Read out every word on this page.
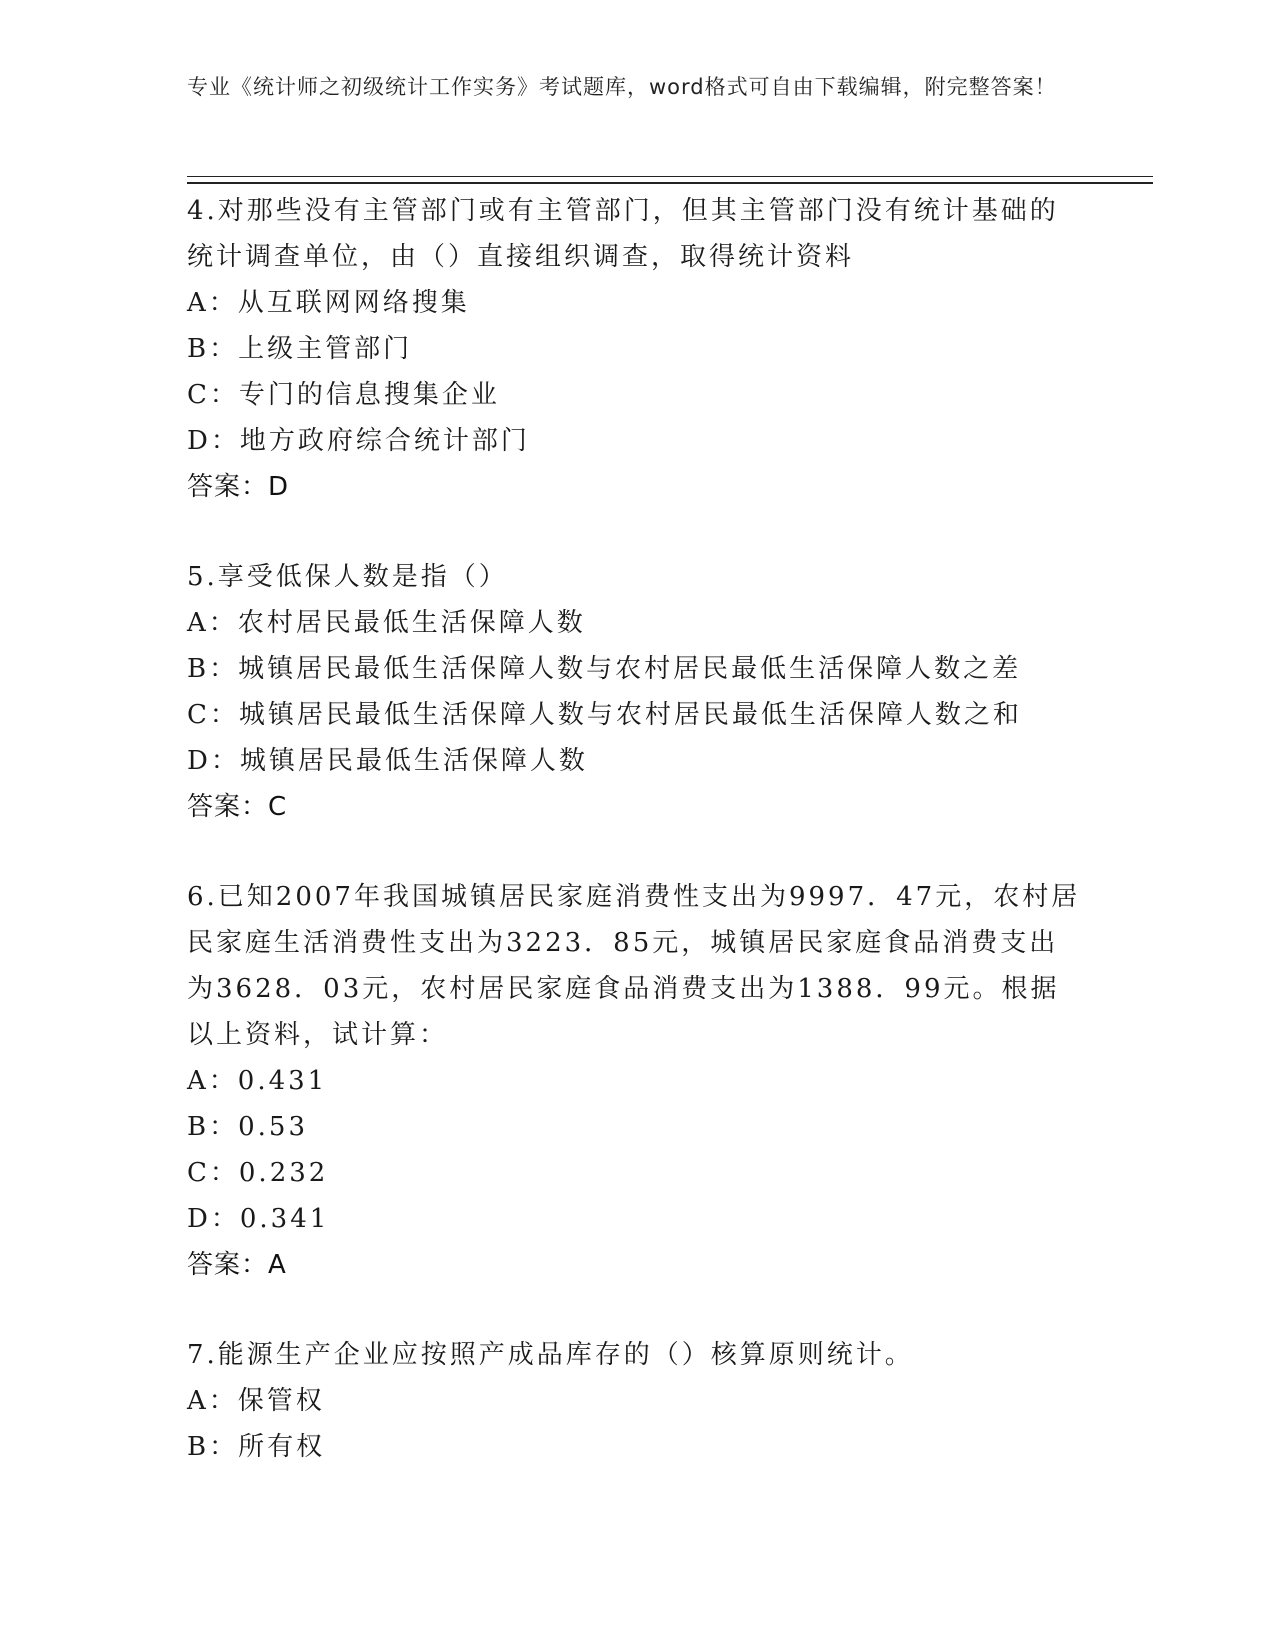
专业《统计师之初级统计工作实务》考试题库，word格式可自由下载编辑，附完整答案！
4.对那些没有主管部门或有主管部门，但其主管部门没有统计基础的统计调查单位，由（）直接组织调查，取得统计资料
A：从互联网网络搜集
B：上级主管部门
C：专门的信息搜集企业
D：地方政府综合统计部门
答案：D
5.享受低保人数是指（）
A：农村居民最低生活保障人数
B：城镇居民最低生活保障人数与农村居民最低生活保障人数之差
C：城镇居民最低生活保障人数与农村居民最低生活保障人数之和
D：城镇居民最低生活保障人数
答案：C
6.已知2007年我国城镇居民家庭消费性支出为9997．47元，农村居民家庭生活消费性支出为3223．85元，城镇居民家庭食品消费支出为3628．03元，农村居民家庭食品消费支出为1388．99元。根据以上资料，试计算：
A：0.431
B：0.53
C：0.232
D：0.341
答案：A
7.能源生产企业应按照产成品库存的（）核算原则统计。
A：保管权
B：所有权
